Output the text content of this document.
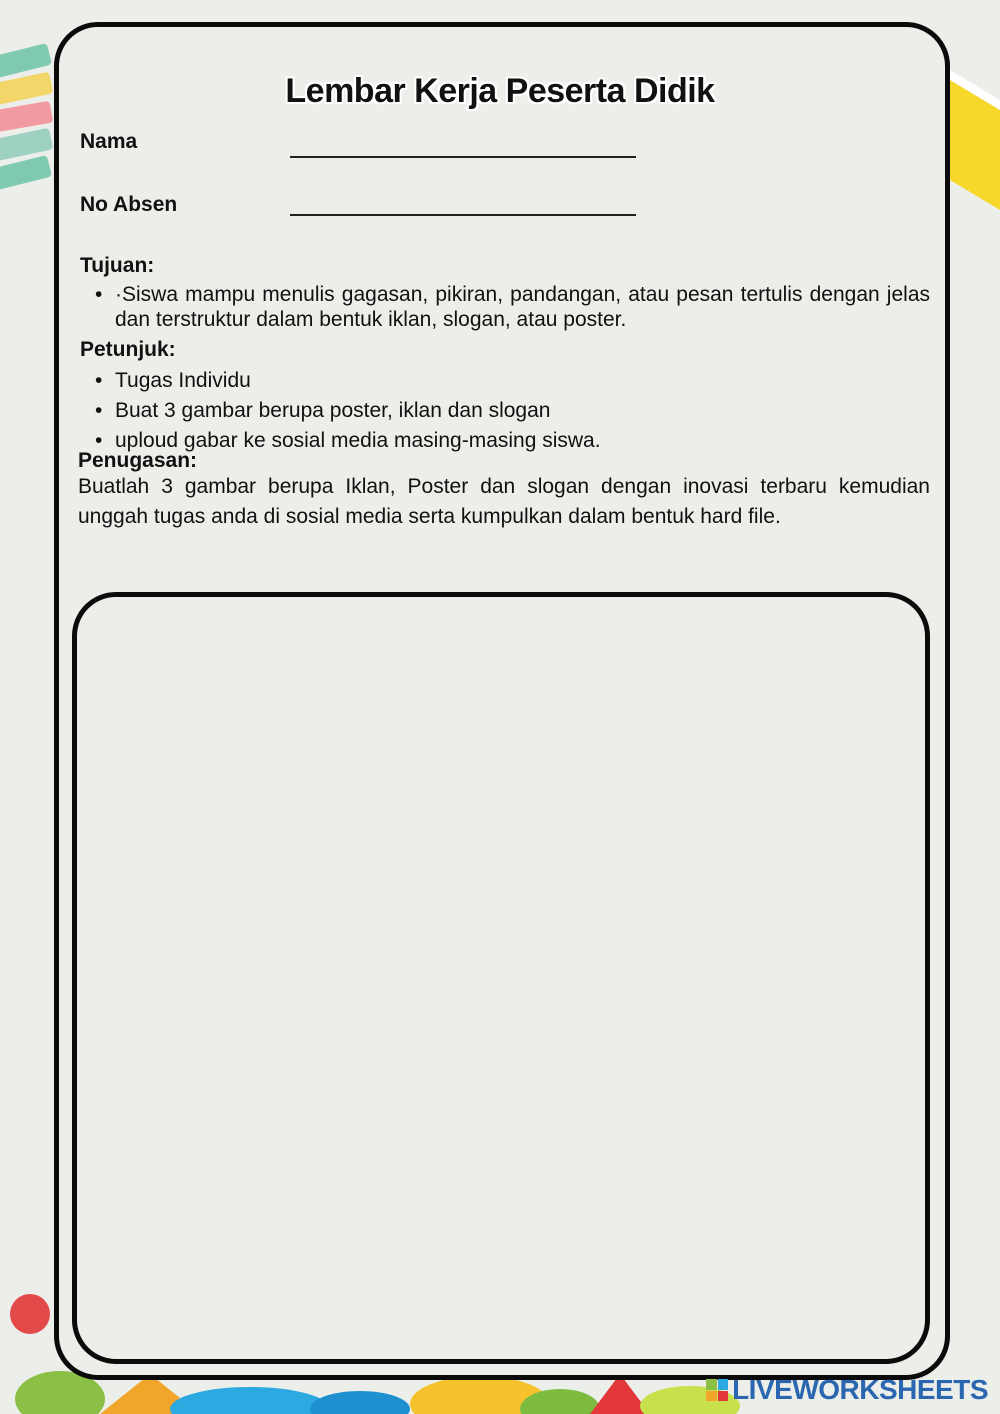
Lembar Kerja Peserta Didik
Nama
No Absen
Tujuan:
• ·Siswa mampu menulis gagasan, pikiran, pandangan, atau pesan tertulis dengan jelas dan terstruktur dalam bentuk iklan, slogan, atau poster.
Petunjuk:
• Tugas Individu
• Buat 3 gambar berupa poster, iklan dan slogan
• uploud gabar ke sosial media masing-masing siswa.
Penugasan:

Buatlah 3 gambar berupa Iklan, Poster dan slogan dengan inovasi terbaru kemudian unggah tugas anda di sosial media serta kumpulkan dalam bentuk hard file.

LIVEWORKSHEETS
